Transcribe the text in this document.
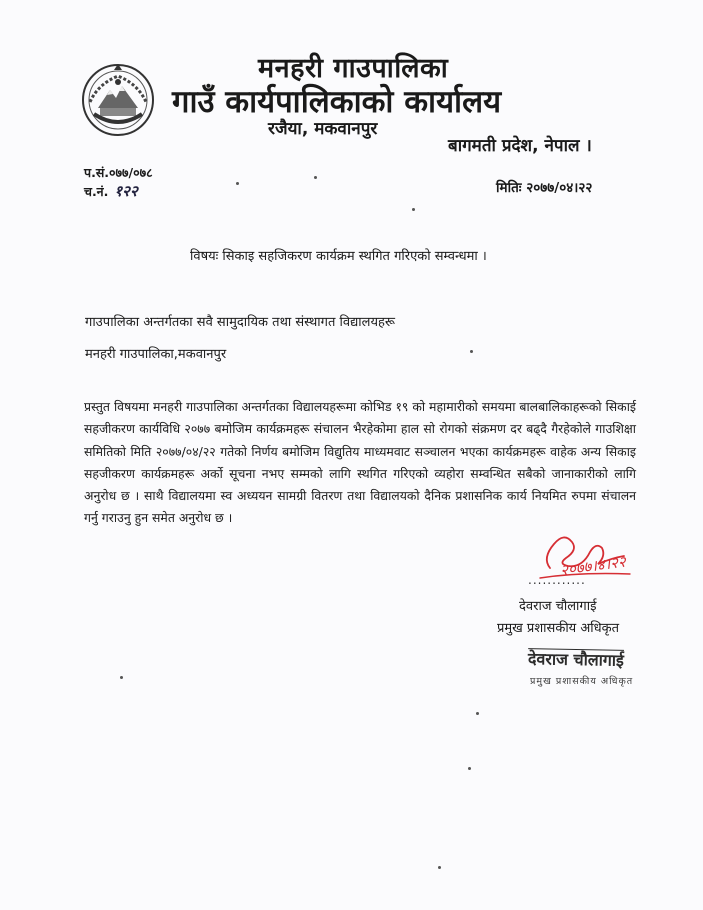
मनहरी गाउपालिका
गाउँ कार्यपालिकाको कार्यालय
रजैया, मकवानपुर
बागमती प्रदेश, नेपाल ।
प.सं.०७७/०७८
च.नं. १२२	मितिः २०७७/०४।२२
विषयः सिकाइ सहजिकरण कार्यक्रम स्थगित गरिएको सम्वन्धमा ।
गाउपालिका अन्तर्गतका सवै सामुदायिक तथा संस्थागत विद्यालयहरू
मनहरी गाउपालिका,मकवानपुर
प्रस्तुत विषयमा मनहरी गाउपालिका अन्तर्गतका विद्यालयहरूमा कोभिड १९ को महामारीको समयमा बालबालिकाहरूको सिकाई सहजीकरण कार्यविधि २०७७ बमोजिम कार्यक्रमहरू संचालन भैरहेकोमा हाल सो रोगको संक्रमण दर बढ्दै गैरहेकोले गाउशिक्षा समितिको मिति २०७७/०४/२२ गतेको निर्णय बमोजिम विद्युतिय माध्यमवाट सञ्चालन भएका कार्यक्रमहरू वाहेक अन्य सिकाइ सहजीकरण कार्यक्रमहरू अर्को सूचना नभए सम्मको लागि स्थगित गरिएको व्यहोरा सम्वन्धित सबैको जानाकारीको लागि अनुरोध छ । साथै विद्यालयमा स्व अध्ययन सामग्री वितरण तथा विद्यालयको दैनिक प्रशासनिक कार्य नियमित रुपमा संचालन गर्नु गराउनु हुन समेत अनुरोध छ ।
२०७७।४।२२
............
देवराज चौलागाई
प्रमुख प्रशासकीय अधिकृत
देवराज चौलागाई
प्रमुख प्रशासकीय अधिकृत
